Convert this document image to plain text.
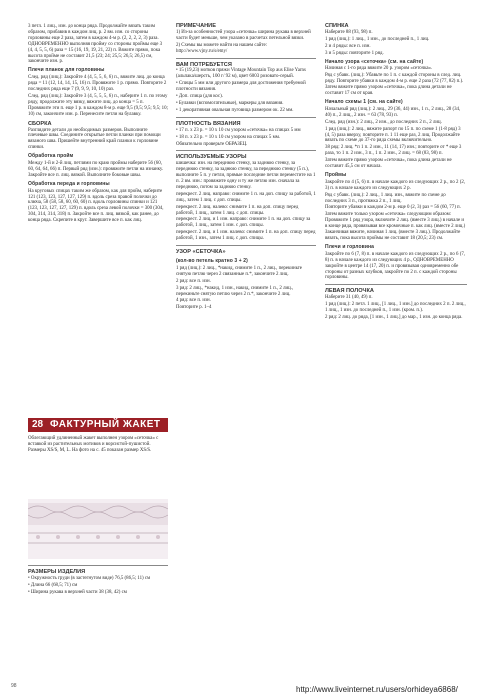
3 петл. 1 лиц., изн. до конца ряда. Продолжайте вязать таким образом, прибавив в каждом лиц. р. 2 вм. изн. со стороны горловины еще 2 раза, затем в каждом 4-м р. (2, 2, 2, 2, 3) раза. ОДНОВРЕМЕННО выполняя пройму со стороны проймы еще 3 (4, 4, 5, 5, 6) раза = 15 (16, 19, 19, 21, 22) п. Вяжите прямо, пока высота пройме не составит 21,5 (23; 24; 25,5; 26,5; 26,5) см, закончите изн. р.

Плечи планок для горловины

След. ряд (лиц.): Закройте 4 (4, 5, 5, 6, 6) п., вяжите лиц. до конца ряда = 11 (12, 14, 14, 15, 16) п. Провяжите 1 р. прямо. Повторите 2 последних ряда еще 7 (9, 9, 9, 10, 10) раз.

След. ряд (лиц.): Закройте 3 (4, 5, 5, 5, 6) п., наберите 1 п. по этому ряду, продолжите эту вязку, вяжите лиц. до конца = 5 п. Провяжите эти п. еще 1 р. в каждом 8-м р. еще 9,5 (9,5; 9,5; 9,5; 10; 10) см, закончите изн. р. Перенесите петли на булавку.

СБОРКА

Разглядите детали до необходимых размеров. Выполните плечевые швы. Соедините открытые петли планки при помощи вязаного шва. Пришейте внутренний край планки к горловине спинки.

Обработка пройм

Между 1-й и 2-й лиц. петлями по краю проймы наберите 56 (60, 60, 64, 64, 66) п. Первый ряд (изн.): провяжите петли на изнанку. Закройте все п. лиц. вязкой. Выполните боковые швы.

Обработка переда и горловины

На круговых спицах таким же образом, как для пройм, наберите 121 (123, 123, 127, 127, 129) п. вдоль среза правой полочки до ключа, 58 (58, 58, 60, 60, 60) п. вдоль горловины спинки и 121 (123, 123, 127, 127, 129) п. вдоль среза левой полочки = 300 (304, 304, 314, 314, 318) п. Закройте все п. лиц. вязкой, как ранее, до конца ряда. Скрепите в круг. Завершите все п. как лиц.

28 ФАКТУРНЫЙ ЖАКЕТ

Облегающий удлиненный жакет выполнен узором «сеточка» с вставкой из растительных мотивов и ворсистой-пушистой. Размеры XS/S, M, L. На фото на с. 45 показан размер XS/S.

РАЗМЕРЫ ИЗДЕЛИЯ

• Окружность груди (в застегнутом виде) 76,5 (86,5; 11) см

• Длина 66 (68,5; 71) см

• Ширина рукава в верхней части 38 (38, 42) см

ПРИМЕЧАНИЕ

1) Из-за особенностей узора «сеточка» ширина рукава в верхней части будет меньше, чем указано в расчетах петельной вязки.

2) Схемы вы можете найти на нашем сайте: http://www.vjny.ru/s/emy/

ВАМ ПОТРЕБУЕТСЯ

• 15 (19,23) мотков пряжи Vintage Mountain Top aus Elise Yarns (альпака/шерсть, 100 г/ 92 м), цвет 6003 розовато-серый.

• Спицы 5 мм или другого размера для достижения требуемой плотности вязания.

• Доп. спица (для кос).

• Булавки (вспомогательные), маркеры для вязания.

• 1 декоративная овальная пуговица размером ок. 22 мм.

ПЛОТНОСТЬ ВЯЗАНИЯ

• 17 п. х 23 р. = 10 х 10 см узором «сеточка» на спицах 5 мм

• 18 п. х 23 р. = 10 х 10 см узором на спицах 5 мм.

Обязательно проверьте ОБРАЗЕЦ.

ИСПОЛЬЗУЕМЫЕ УЗОРЫ

шишечка: изн. на переднюю стенку, за заднюю стенку, за переднюю стенку, за заднюю стенку, за переднюю стенку (5 п.), выполните 5 п. у петли, прямые последние петли переместите на 1 п. 2 вм. изн.: провяжите одну и ту же петлю изн. сначала за переднюю, потом за заднюю стенку.

перекрест. 2 лиц. направо: снимите 1 п. на доп. спицу за работой, 1 лиц., затем 1 лиц. с доп. спицы.

перекрест. 2 лиц. налево: снимите 1 п. на доп. спицу перед работой, 1 лиц., затем 1 лиц. с доп. спицы.

перекрест. 2 лиц. и 1 изн. направо: снимите 1 п. на доп. спицу за работой, 1 лиц., затем 1 изн. с доп. спицы.

перекрест. 2 лиц. и 1 изн. налево: снимите 1 п. на доп. спицу перед работой, 1 изн., затем 1 лиц. с доп. спицы.

УЗОР «СЕТОЧКА»
(кол-во петель кратно 3 + 2)

1 ряд (лиц.): 2 лиц., *накид, снимите 1 п., 2 лиц., перекиньте снятую петлю через 2 связанные п.*, закончите 2 лиц.

2 ряд: все п. изн.

3 ряд: 2 лиц., *накид, 1 изн., накид, снимите 1 п., 2 лиц., перекиньте снятую петлю через 2 п.*, закончите 2 лиц.

4 ряд: все п. изн.

Повторите р. 1–4

СПИНКА

Наберите 88 (93, 98) п.

1 ряд (лиц.): 1 лиц., 1 изн., до последней п., 1 лиц.

2 и 4 ряды: все п. изн.

3 и 5 ряды: повторите 1 ряд.

Начало узора «сеточка» (см. на сайте)

Начиная с 1-го ряда вяжите 20 р. узором «сеточка».

Ряд с убавк. (лиц.): Убавьте по 1 п. с каждой стороны в след. лиц. ряду. Повторите убавки в каждом 4-м р. еще 2 раза (72 (77, 82) п.). Затем вяжите прямо узором «сеточка», пока длина детали не составит 17 см от края.

Начало схемы 1 (см. на сайте)

Начальный ряд (лиц.): 2 лиц., 29 (36, 44) изн., 1 п., 2 лиц., 28 (34, 40) п., 2 лиц., 2 изн. = 63 (78, 93) п.

След. ряд (изн.): 2 лиц., 2 изн., до последних 2 п., 2 лиц.

1 ряд (лиц.): 2 лиц., вяжите рапорт по 15 п. по схеме 1 (1-8 ряд) 3 (4, 5) раза вверху, повторите п. 1 11 еще раз, 2 лиц. Продолжайте вязать по схеме до 37-го ряда схемы включительно.

38 ряд: 2 лиц. *п 1 п. 2 изн., 11 (14, 17) изн.; повторите от * еще 3 раза, то 1 п. 2 изн., 3 п., 1 п. 2 изн., 2 лиц. = 68 (83, 98) п.

Затем вяжите прямо узором «сеточка», пока длина детали не составит 45,5 см от начала.

Проймы

Закройте по 4 (5, 6) п. в начале каждого из следующих 2 р., по 2 (2, 3) п. в начале каждого из следующих 2 р.

Ряд с убавк. (лиц.): 2 лиц., 1 лиц. изн., вяжите по схеме до последних 3 п., протяжка 2 п., 1 лиц.

Повторите убавки в каждом 2-м р. еще 0 (2, 3) раз = 56 (60, 77) п.

Затем вяжите только узором «сеточка» следующим образом: Провяжите 1 ряд узора, включите 2 лиц. (вместе 3 лиц.) в начале и в конце ряда, провязывая все кромочные п. как лиц. (вместе 2 лиц.) Заканчивая вяжите, начиная 1 лиц. (вместе 3 лиц.). Продолжайте вязать, пока высота проймы не составит 18 (20,5; 23) см.

Плечи и горловина

Закройте по 6 (7, 8) п. в начале каждого из следующих 2 р., по 6 (7, 8) п. в начале каждого из следующих 4 р., ОДНОВРЕМЕННО закройте в центре 14 (17, 20) п. и провязывая одновременно обе стороны от разных клубков, закройте по 2 п. с каждой стороны горловины.

ЛЕВАЯ ПОЛОЧКА

Наберите 31 (40, 49) п.

1 ряд (лиц.): 2 петл. 1 лиц., [1 лиц., 1 изн.] до последних 2 п. 2 лиц., 1 лиц., 1 изн. до последней п., 1 изн. (кром. п.).

2 ряд: 2 лиц. до ряда, [1 изн., 1 лиц.] до мар., 1 изн. до конца ряда.

98	http://www.liveinternet.ru/users/orhideya6868/
